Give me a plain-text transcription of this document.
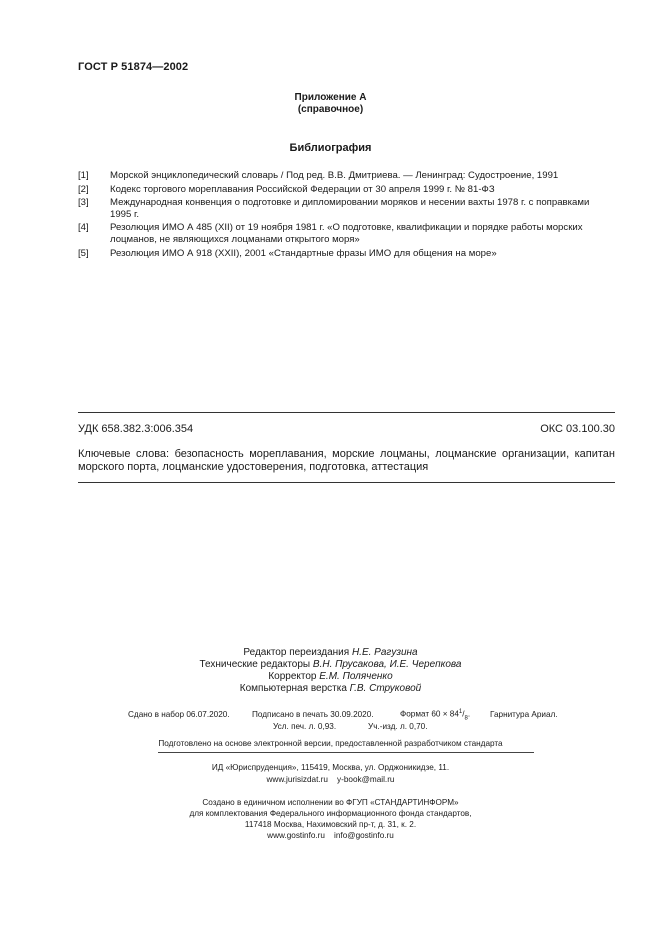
ГОСТ Р 51874—2002
Приложение А
(справочное)
Библиография
[1]	Морской энциклопедический словарь / Под ред. В.В. Дмитриева. — Ленинград: Судостроение, 1991
[2]	Кодекс торгового мореплавания Российской Федерации от 30 апреля 1999 г. № 81-ФЗ
[3]	Международная конвенция о подготовке и дипломировании моряков и несении вахты 1978 г. с поправками
1995 г.
[4]	Резолюция ИМО А 485 (XII) от 19 ноября 1981 г. «О подготовке, квалификации и порядке работы морских
лоцманов, не являющихся лоцманами открытого моря»
[5]	Резолюция ИМО А 918 (XXII), 2001 «Стандартные фразы ИМО для общения на море»
УДК 658.382.3:006.354	ОКС 03.100.30
Ключевые слова: безопасность мореплавания, морские лоцманы, лоцманские организации, капитан
морского порта, лоцманские удостоверения, подготовка, аттестация
Редактор переиздания Н.Е. Рагузина
Технические редакторы В.Н. Прусакова, И.Е. Черепкова
Корректор Е.М. Поляченко
Компьютерная верстка Г.В. Струковой
Сдано в набор 06.07.2020.	Подписано в печать 30.09.2020.	Формат $60 \times 84^1/_8$. Гарнитура Ариал.
Усл. печ. л. 0,93.	Уч.-изд. л. 0,70.
Подготовлено на основе электронной версии, предоставленной разработчиком стандарта
ИД «Юриспруденция», 115419, Москва, ул. Орджоникидзе, 11.
www.jurisizdat.ru    y-book@mail.ru
Создано в единичном исполнении во ФГУП «СТАНДАРТИНФОРМ»
для комплектования Федерального информационного фонда стандартов,
117418 Москва, Нахимовский пр-т, д. 31, к. 2.
www.gostinfo.ru    info@gostinfo.ru
